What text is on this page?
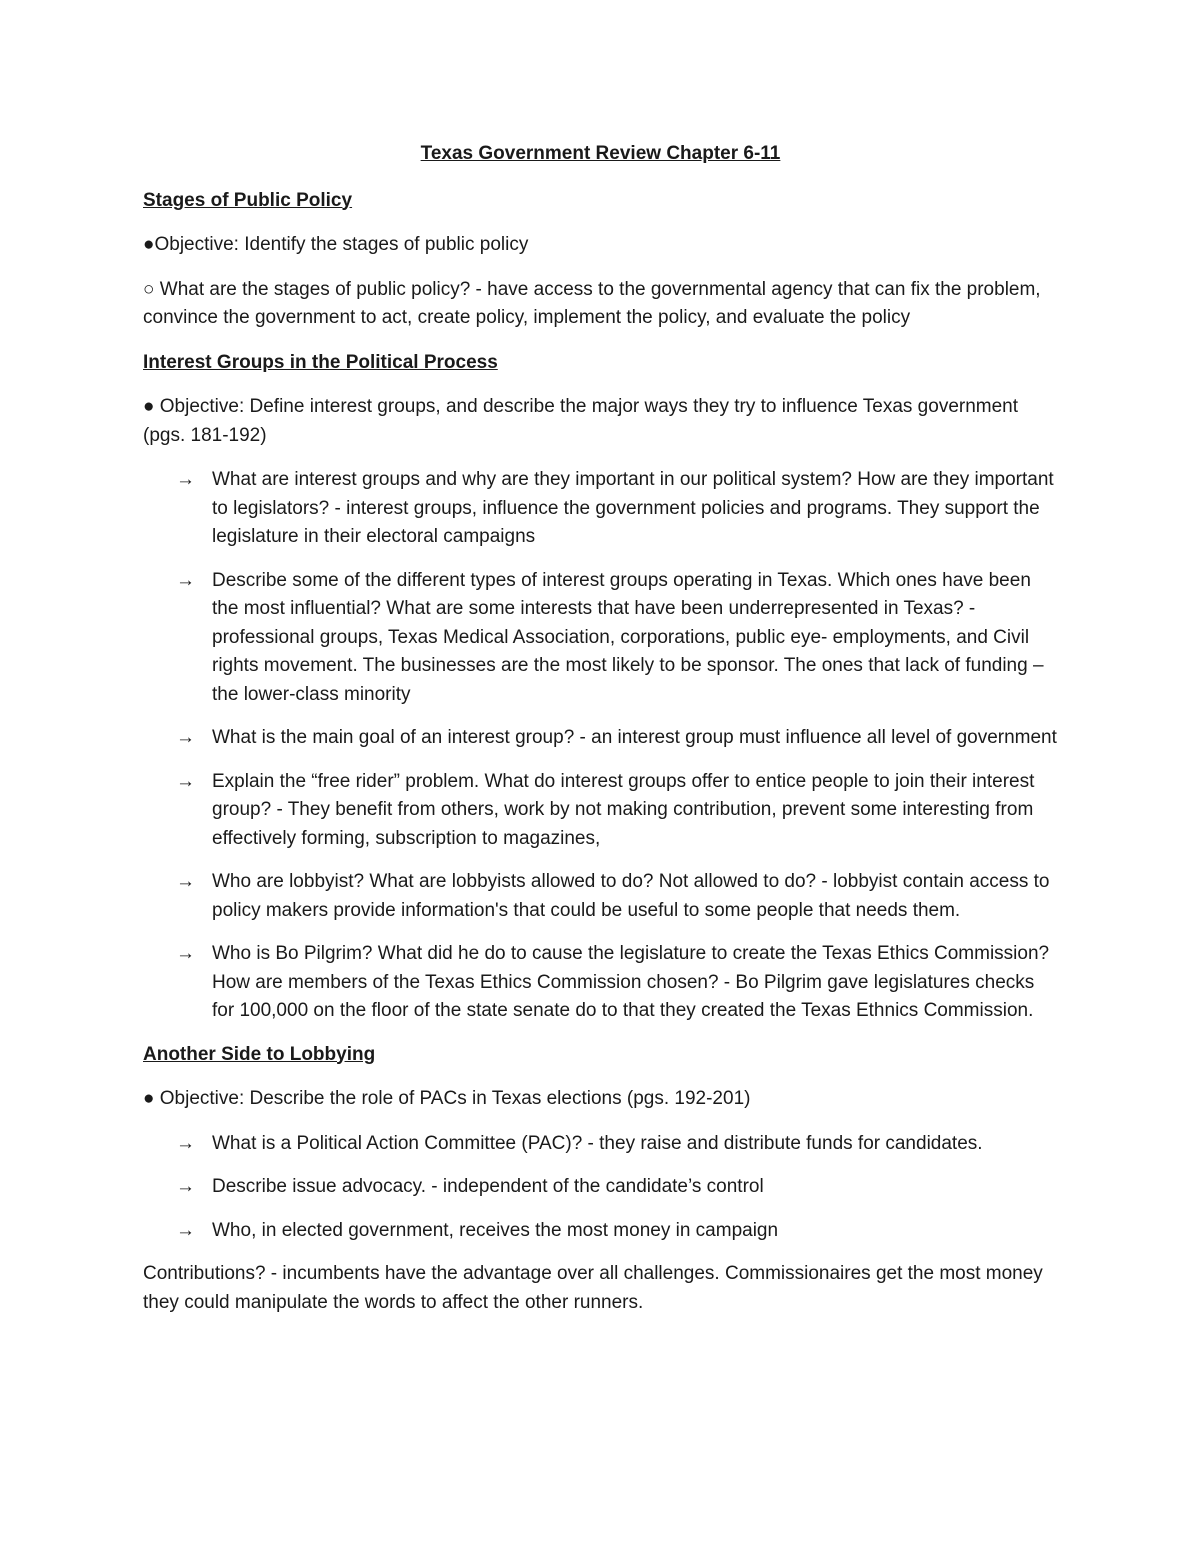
Texas Government Review Chapter 6-11

Stages of Public Policy

●Objective: Identify the stages of public policy

○ What are the stages of public policy? - have access to the governmental agency that can fix the problem, convince the government to act, create policy, implement the policy, and evaluate the policy

Interest Groups in the Political Process

● Objective: Define interest groups, and describe the major ways they try to influence Texas government (pgs. 181-192)

→ What are interest groups and why are they important in our political system? How are they important to legislators? - interest groups, influence the government policies and programs. They support the legislature in their electoral campaigns
→ Describe some of the different types of interest groups operating in Texas. Which ones have been the most influential? What are some interests that have been underrepresented in Texas? - professional groups, Texas Medical Association, corporations, public eye- employments, and Civil rights movement. The businesses are the most likely to be sponsor. The ones that lack of funding – the lower-class minority
→ What is the main goal of an interest group? - an interest group must influence all level of government
→ Explain the “free rider” problem. What do interest groups offer to entice people to join their interest group? - They benefit from others, work by not making contribution, prevent some interesting from effectively forming, subscription to magazines,
→ Who are lobbyist? What are lobbyists allowed to do? Not allowed to do? - lobbyist contain access to policy makers provide information's that could be useful to some people that needs them.
→ Who is Bo Pilgrim? What did he do to cause the legislature to create the Texas Ethics Commission? How are members of the Texas Ethics Commission chosen? - Bo Pilgrim gave legislatures checks for 100,000 on the floor of the state senate do to that they created the Texas Ethnics Commission.

Another Side to Lobbying

● Objective: Describe the role of PACs in Texas elections (pgs. 192-201)

→ What is a Political Action Committee (PAC)? - they raise and distribute funds for candidates.
→ Describe issue advocacy. - independent of the candidate’s control
→ Who, in elected government, receives the most money in campaign

Contributions? - incumbents have the advantage over all challenges. Commissionaires get the most money they could manipulate the words to affect the other runners.
